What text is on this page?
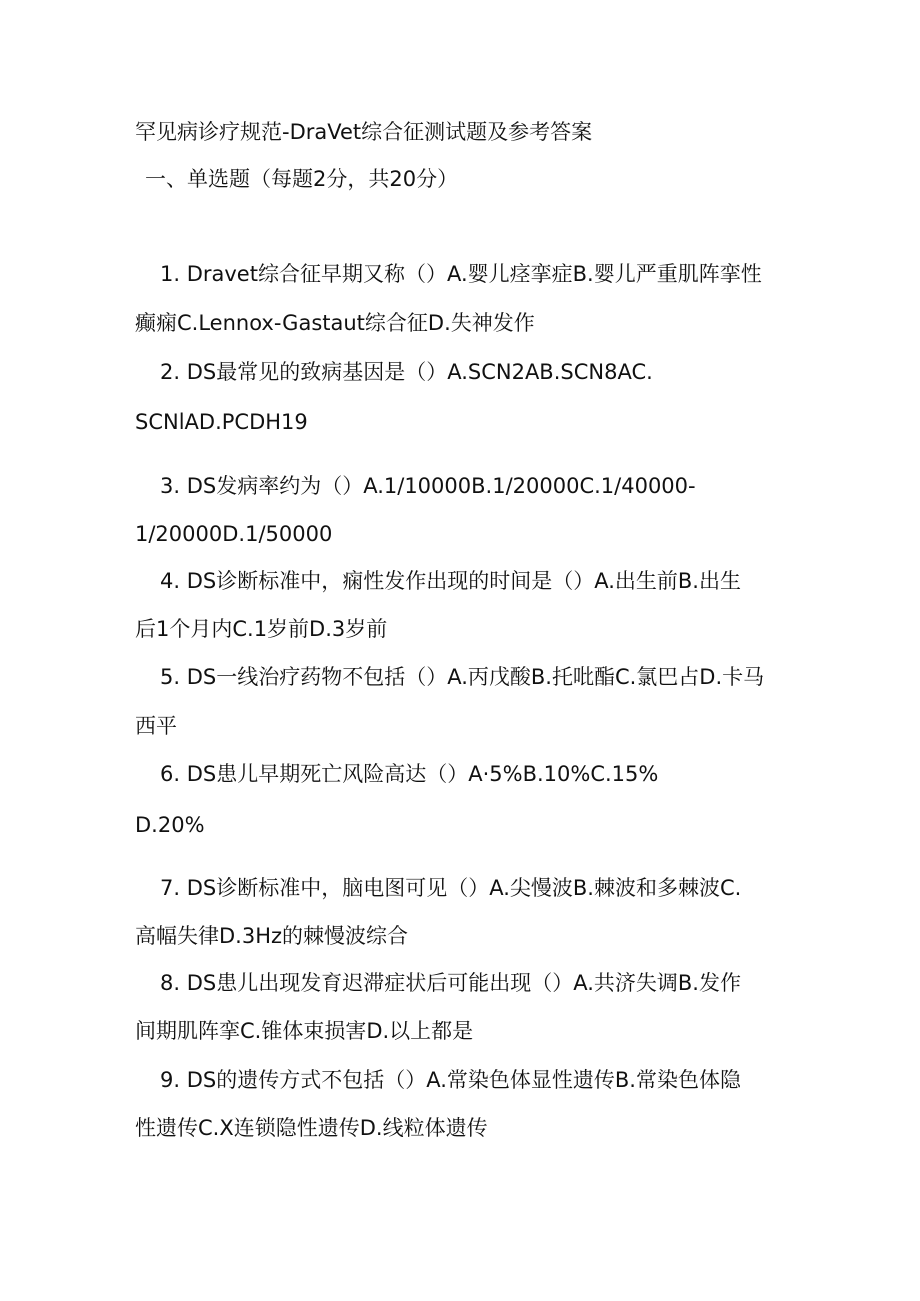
罕见病诊疗规范-DraVet综合征测试题及参考答案
一、单选题（每题2分，共20分）
1. Dravet综合征早期又称（）A.婴儿痉挛症B.婴儿严重肌阵挛性
癫痫C.Lennox-Gastaut综合征D.失神发作
2. DS最常见的致病基因是（）A.SCN2AB.SCN8AC.
SCNlAD.PCDH19
3. DS发病率约为（）A.1/10000B.1/20000C.1/40000-
1/20000D.1/50000
4. DS诊断标准中，痫性发作出现的时间是（）A.出生前B.出生
后1个月内C.1岁前D.3岁前
5. DS一线治疗药物不包括（）A.丙戊酸B.托吡酯C.氯巴占D.卡马
西平
6. DS患儿早期死亡风险高达（）A·5%B.10%C.15%
D.20%
7. DS诊断标准中，脑电图可见（）A.尖慢波B.棘波和多棘波C.
高幅失律D.3Hz的棘慢波综合
8. DS患儿出现发育迟滞症状后可能出现（）A.共济失调B.发作
间期肌阵挛C.锥体束损害D.以上都是
9. DS的遗传方式不包括（）A.常染色体显性遗传B.常染色体隐
性遗传C.X连锁隐性遗传D.线粒体遗传
